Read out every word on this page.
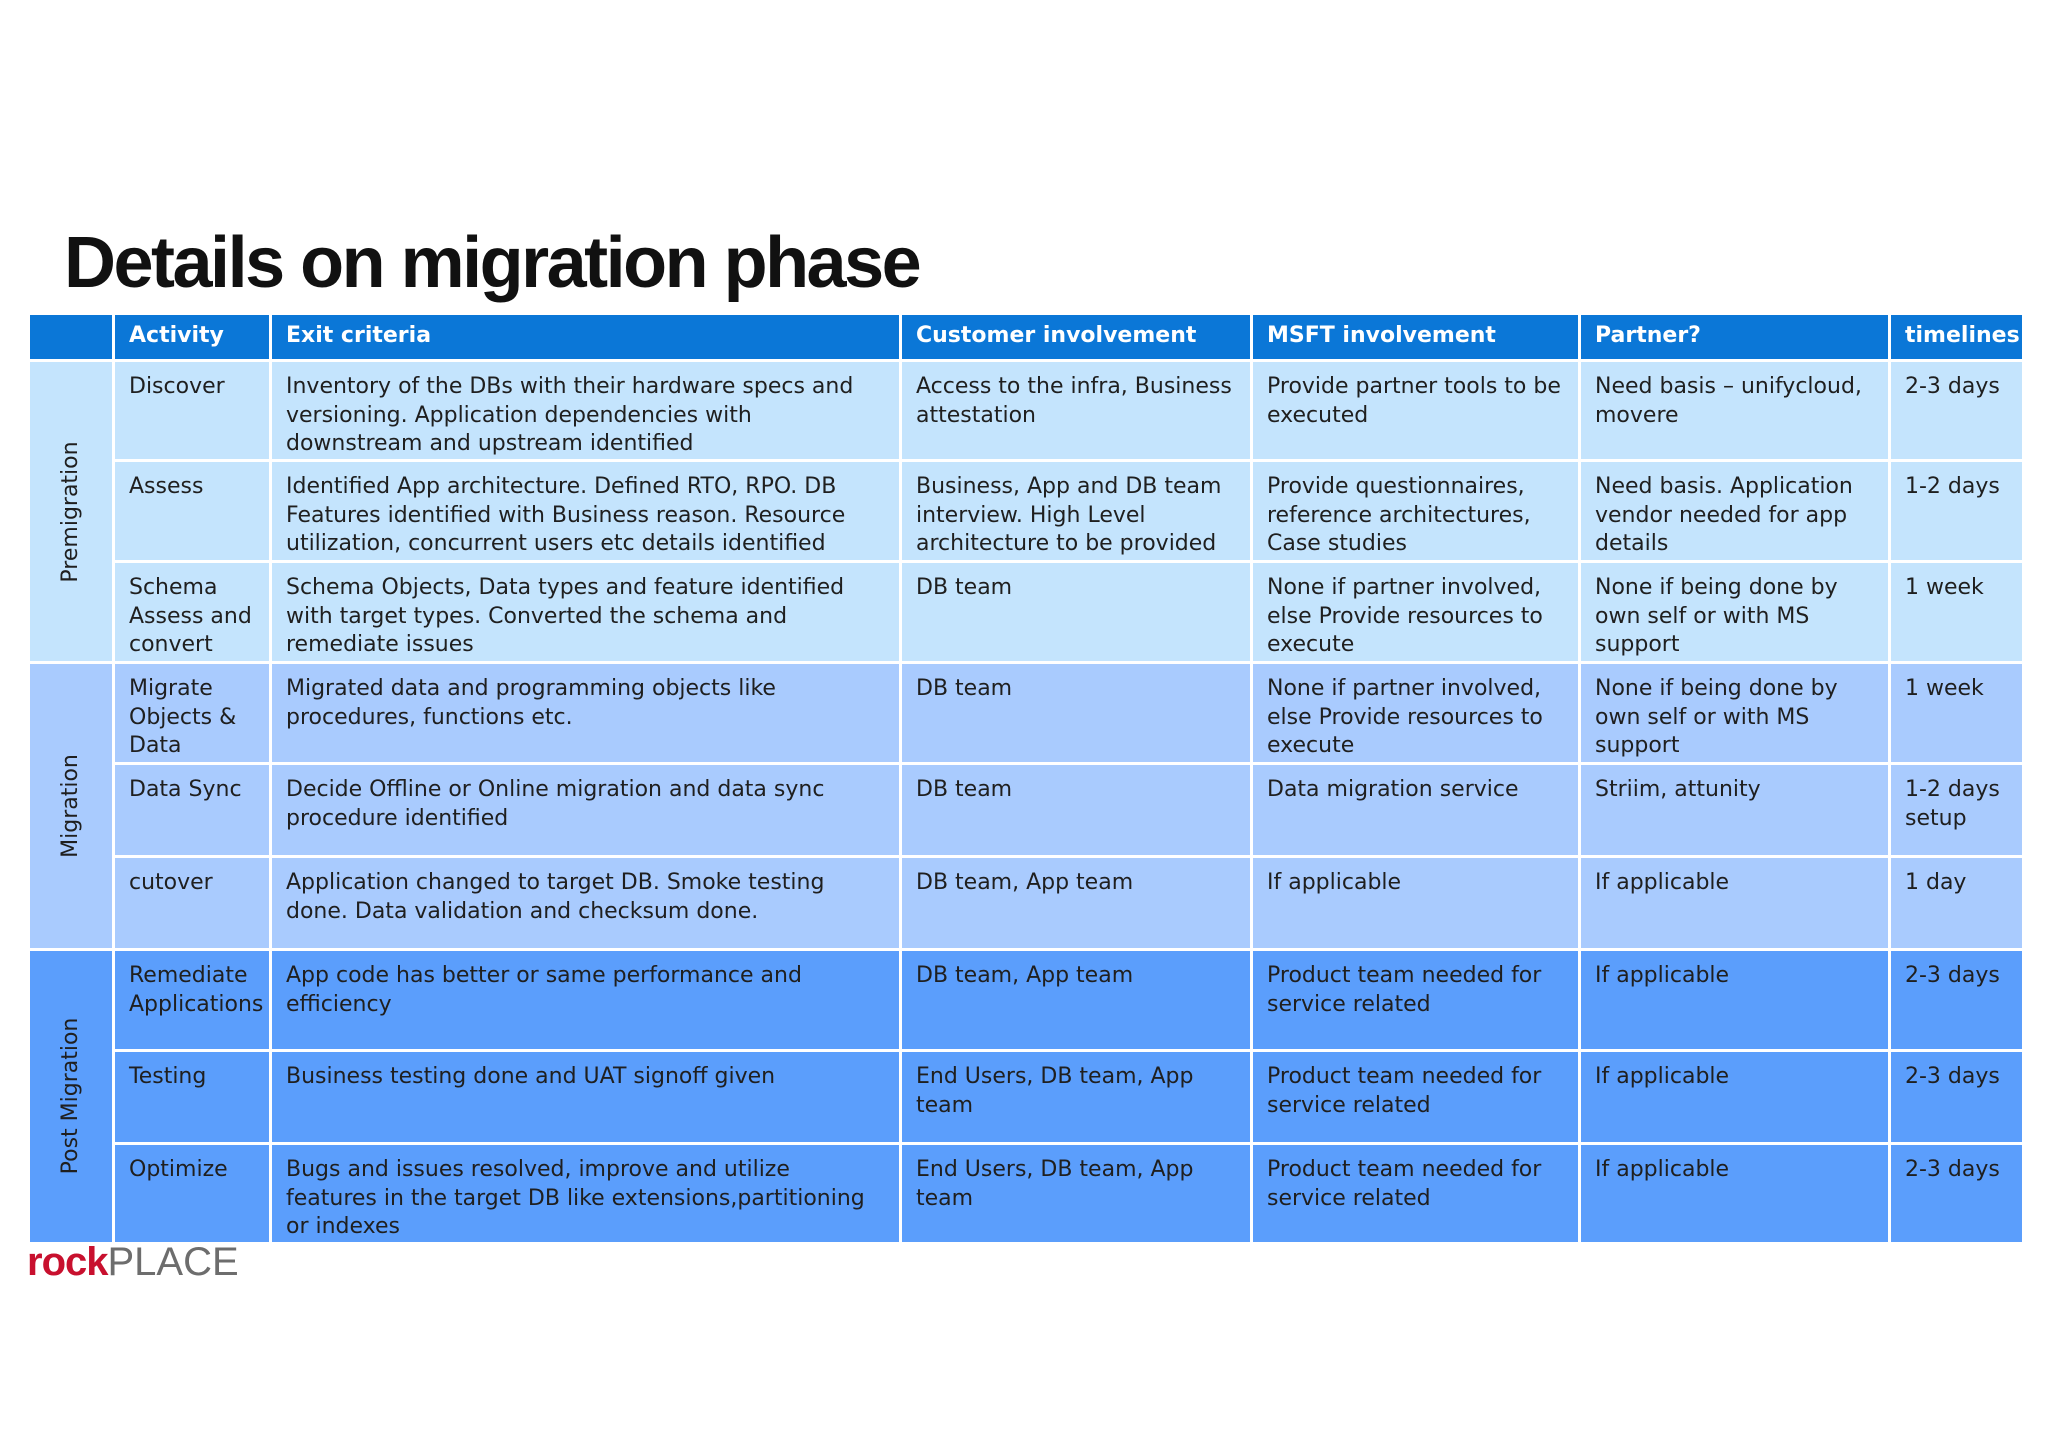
Details on migration phase
	Activity	Exit criteria	Customer involvement	MSFT involvement	Partner?	timelines

Premigration	Discover	Inventory of the DBs with their hardware specs and versioning. Application dependencies with downstream and upstream identified	Access to the infra, Business attestation	Provide partner tools to be executed	Need basis – unifycloud, movere	2-3 days
	Assess	Identified App architecture. Defined RTO, RPO. DB Features identified with Business reason. Resource utilization, concurrent users etc details identified	Business, App and DB team interview. High Level architecture to be provided	Provide questionnaires, reference architectures, Case studies	Need basis. Application vendor needed for app details	1-2 days
	Schema Assess and convert	Schema Objects, Data types and feature identified with target types. Converted the schema and remediate issues	DB team	None if partner involved, else Provide resources to execute	None if being done by own self or with MS support	1 week

Migration	Migrate Objects & Data	Migrated data and programming objects like procedures, functions etc.	DB team	None if partner involved, else Provide resources to execute	None if being done by own self or with MS support	1 week
	Data Sync	Decide Offline or Online migration and data sync procedure identified	DB team	Data migration service	Striim, attunity	1-2 days setup
	cutover	Application changed to target DB. Smoke testing done. Data validation and checksum done.	DB team, App team	If applicable	If applicable	1 day

Post Migration	Remediate Applications	App code has better or same performance and efficiency	DB team, App team	Product team needed for service related	If applicable	2-3 days
	Testing	Business testing done and UAT signoff given	End Users, DB team, App team	Product team needed for service related	If applicable	2-3 days
	Optimize	Bugs and issues resolved, improve and utilize features in the target DB like extensions,partitioning or indexes	End Users, DB team, App team	Product team needed for service related	If applicable	2-3 days
rock PLACE
